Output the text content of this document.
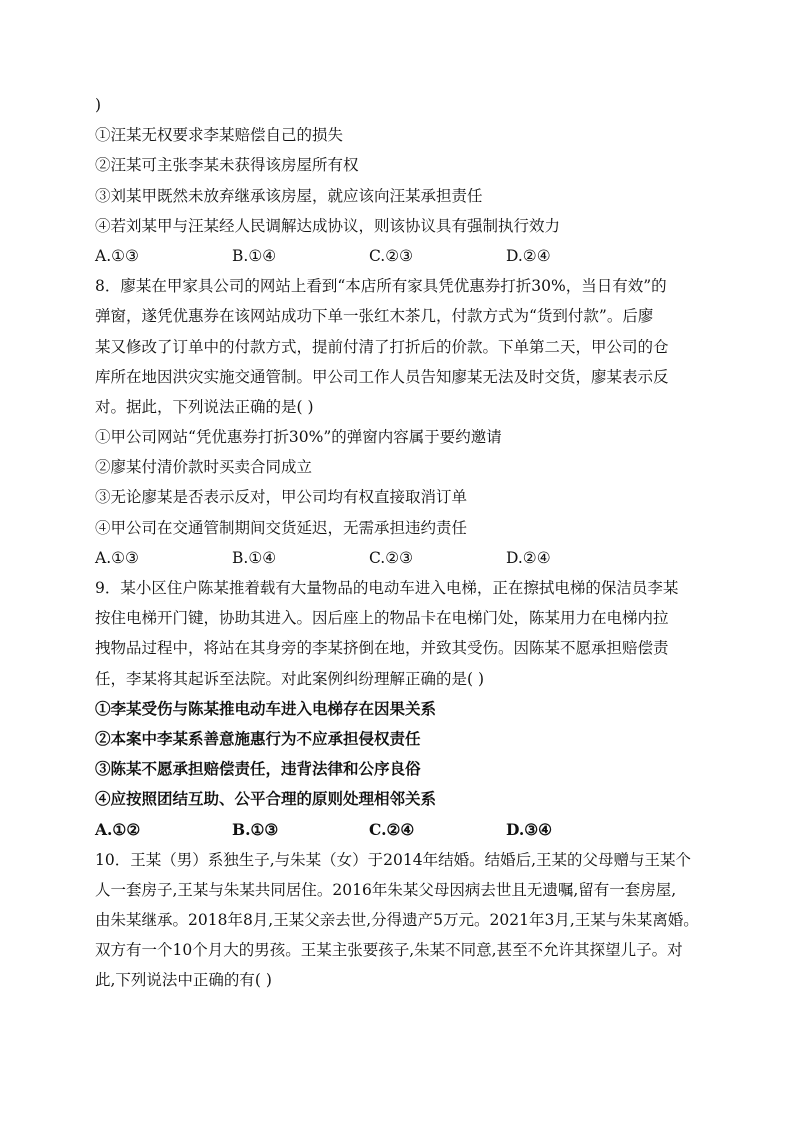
)
①汪某无权要求李某赔偿自己的损失
②汪某可主张李某未获得该房屋所有权
③刘某甲既然未放弃继承该房屋，就应该向汪某承担责任
④若刘某甲与汪某经人民调解达成协议，则该协议具有强制执行效力
A.①③	B.①④	C.②③	D.②④
8．廖某在甲家具公司的网站上看到“本店所有家具凭优惠券打折30%，当日有效”的
弹窗，遂凭优惠券在该网站成功下单一张红木茶几，付款方式为“货到付款”。后廖
某又修改了订单中的付款方式，提前付清了打折后的价款。下单第二天，甲公司的仓
库所在地因洪灾实施交通管制。甲公司工作人员告知廖某无法及时交货，廖某表示反
对。据此，下列说法正确的是( )
①甲公司网站“凭优惠券打折30%”的弹窗内容属于要约邀请
②廖某付清价款时买卖合同成立
③无论廖某是否表示反对，甲公司均有权直接取消订单
④甲公司在交通管制期间交货延迟，无需承担违约责任
A.①③	B.①④	C.②③	D.②④
9．某小区住户陈某推着载有大量物品的电动车进入电梯，正在擦拭电梯的保洁员李某
按住电梯开门键，协助其进入。因后座上的物品卡在电梯门处，陈某用力在电梯内拉
拽物品过程中，将站在其身旁的李某挤倒在地，并致其受伤。因陈某不愿承担赔偿责
任，李某将其起诉至法院。对此案例纠纷理解正确的是( )
①李某受伤与陈某推电动车进入电梯存在因果关系
②本案中李某系善意施惠行为不应承担侵权责任
③陈某不愿承担赔偿责任，违背法律和公序良俗
④应按照团结互助、公平合理的原则处理相邻关系
A.①②	B.①③	C.②④	D.③④
10．王某（男）系独生子,与朱某（女）于2014年结婚。结婚后,王某的父母赠与王某个
人一套房子,王某与朱某共同居住。2016年朱某父母因病去世且无遗嘱,留有一套房屋,
由朱某继承。2018年8月,王某父亲去世,分得遗产5万元。2021年3月,王某与朱某离婚。
双方有一个10个月大的男孩。王某主张要孩子,朱某不同意,甚至不允许其探望儿子。对
此,下列说法中正确的有( )
